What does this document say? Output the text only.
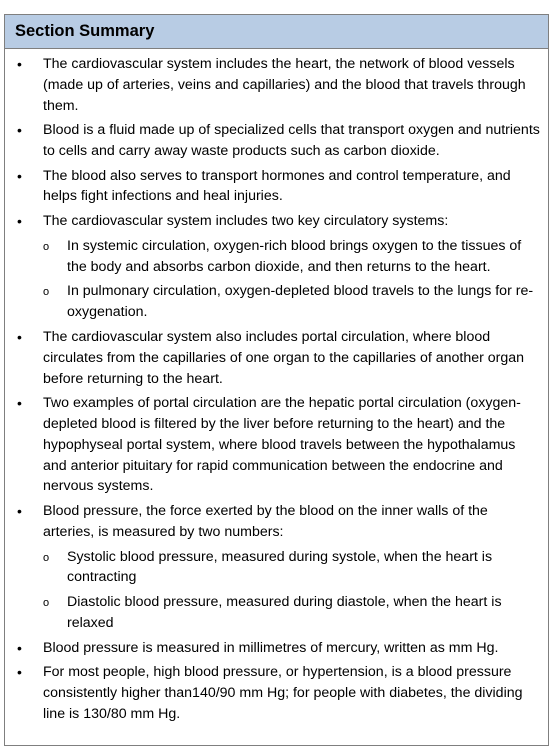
Section Summary
• The cardiovascular system includes the heart, the network of blood vessels (made up of arteries, veins and capillaries) and the blood that travels through them.
• Blood is a fluid made up of specialized cells that transport oxygen and nutrients to cells and carry away waste products such as carbon dioxide.
• The blood also serves to transport hormones and control temperature, and helps fight infections and heal injuries.
• The cardiovascular system includes two key circulatory systems:
o In systemic circulation, oxygen-rich blood brings oxygen to the tissues of the body and absorbs carbon dioxide, and then returns to the heart.
o In pulmonary circulation, oxygen-depleted blood travels to the lungs for re-oxygenation.
• The cardiovascular system also includes portal circulation, where blood circulates from the capillaries of one organ to the capillaries of another organ before returning to the heart.
• Two examples of portal circulation are the hepatic portal circulation (oxygen-depleted blood is filtered by the liver before returning to the heart) and the hypophyseal portal system, where blood travels between the hypothalamus and anterior pituitary for rapid communication between the endocrine and nervous systems.
• Blood pressure, the force exerted by the blood on the inner walls of the arteries, is measured by two numbers:
o Systolic blood pressure, measured during systole, when the heart is contracting
o Diastolic blood pressure, measured during diastole, when the heart is relaxed
• Blood pressure is measured in millimetres of mercury, written as mm Hg.
• For most people, high blood pressure, or hypertension, is a blood pressure consistently higher than140/90 mm Hg; for people with diabetes, the dividing line is 130/80 mm Hg.
